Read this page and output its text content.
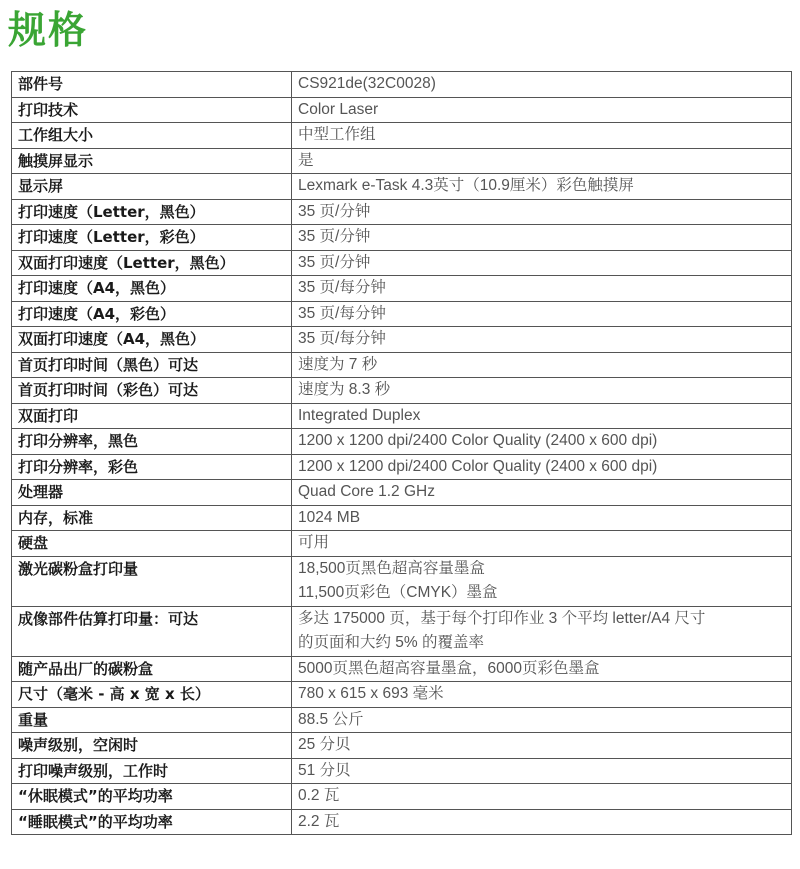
规格
部件号	CS921de(32C0028)

打印技术	Color Laser

工作组大小	中型工作组

触摸屏显示	是

显示屏	Lexmark e-Task 4.3英寸（10.9厘米）彩色触摸屏

打印速度（Letter，黑色）	35 页/分钟

打印速度（Letter，彩色）	35 页/分钟

双面打印速度（Letter，黑色）	35 页/分钟

打印速度（A4，黑色）	35 页/每分钟

打印速度（A4，彩色）	35 页/每分钟

双面打印速度（A4，黑色）	35 页/每分钟

首页打印时间（黑色）可达	速度为 7 秒

首页打印时间（彩色）可达	速度为 8.3 秒

双面打印	Integrated Duplex

打印分辨率，黑色	1200 x 1200 dpi/2400 Color Quality (2400 x 600 dpi)

打印分辨率，彩色	1200 x 1200 dpi/2400 Color Quality (2400 x 600 dpi)

处理器	Quad Core 1.2 GHz

内存，标准	1024 MB

硬盘	可用

激光碳粉盒打印量	18,500页黑色超高容量墨盒
11,500页彩色（CMYK）墨盒

成像部件估算打印量：可达	多达 175000 页，基于每个打印作业 3 个平均 letter/A4 尺寸
的页面和大约 5% 的覆盖率

随产品出厂的碳粉盒	5000页黑色超高容量墨盒，6000页彩色墨盒

尺寸（毫米 - 高 x 宽 x 长）	780 x 615 x 693 毫米

重量	88.5 公斤

噪声级别，空闲时	25 分贝

打印噪声级别，工作时	51 分贝

“休眠模式”的平均功率	0.2 瓦

“睡眠模式”的平均功率	2.2 瓦
